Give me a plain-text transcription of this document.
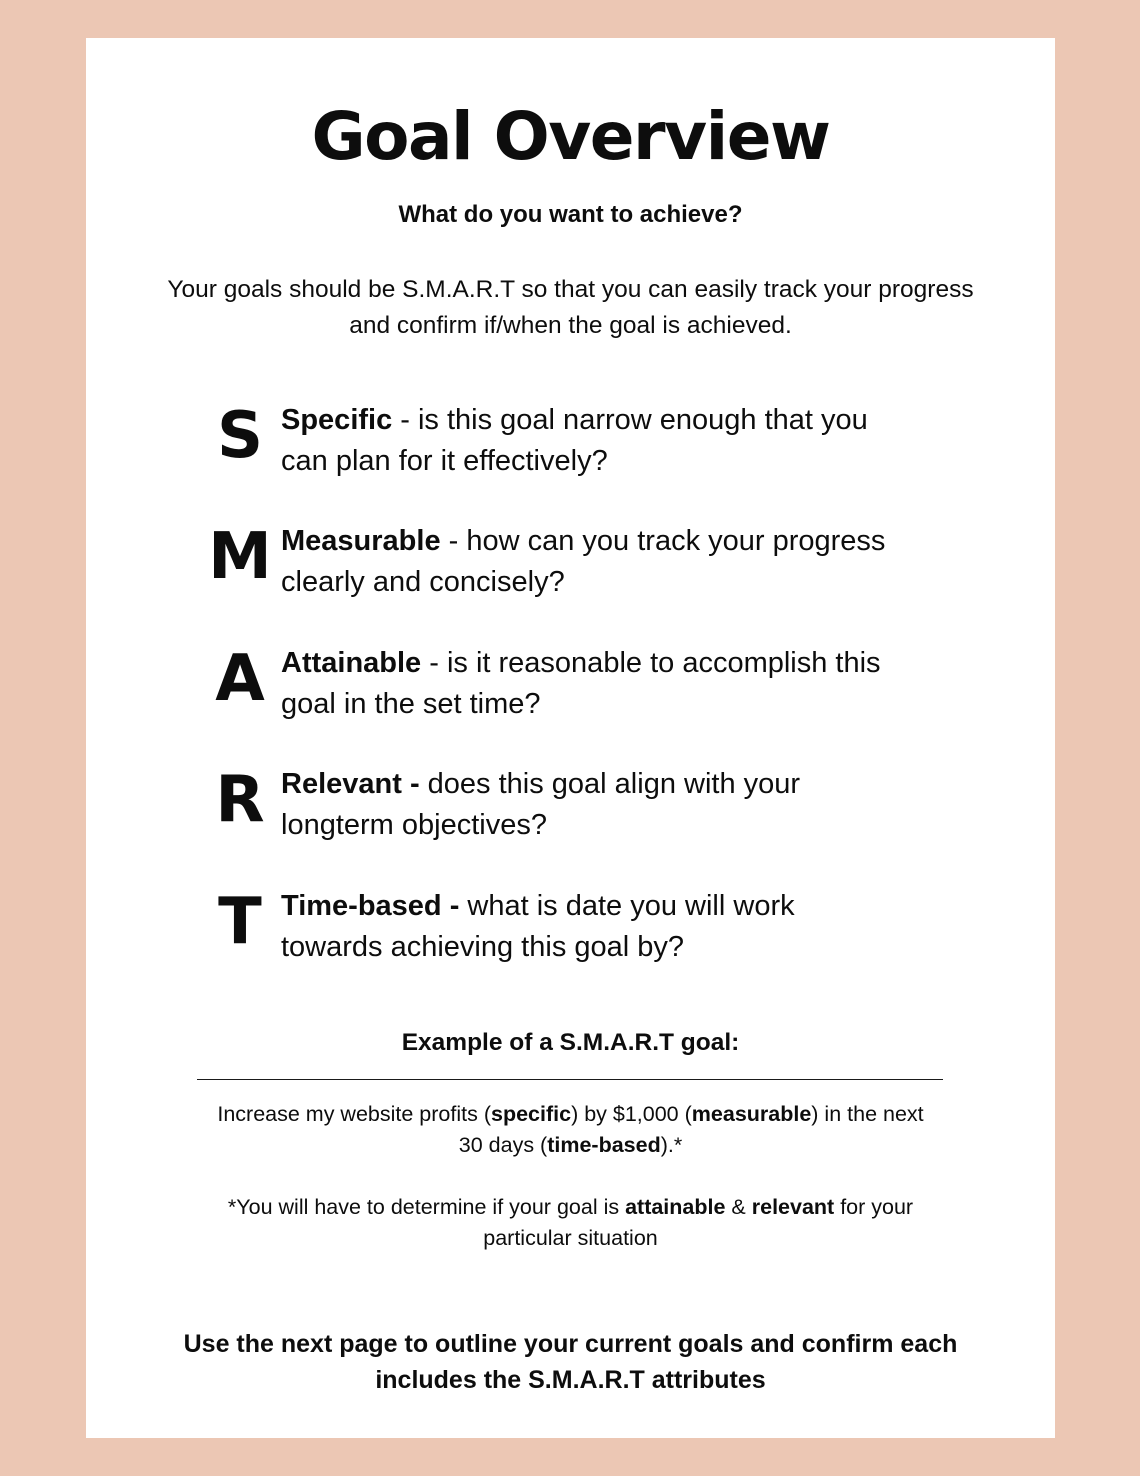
Goal Overview
What do you want to achieve?
Your goals should be S.M.A.R.T so that you can easily track your progress
and confirm if/when the goal is achieved.
S Specific - is this goal narrow enough that you
can plan for it effectively?
M Measurable - how can you track your progress
clearly and concisely?
A Attainable - is it reasonable to accomplish this
goal in the set time?
R Relevant - does this goal align with your
longterm objectives?
T Time-based - what is date you will work
towards achieving this goal by?
Example of a S.M.A.R.T goal:
Increase my website profits (specific) by $1,000 (measurable) in the next
30 days (time-based).*
*You will have to determine if your goal is attainable & relevant for your
particular situation
Use the next page to outline your current goals and confirm each
includes the S.M.A.R.T attributes
